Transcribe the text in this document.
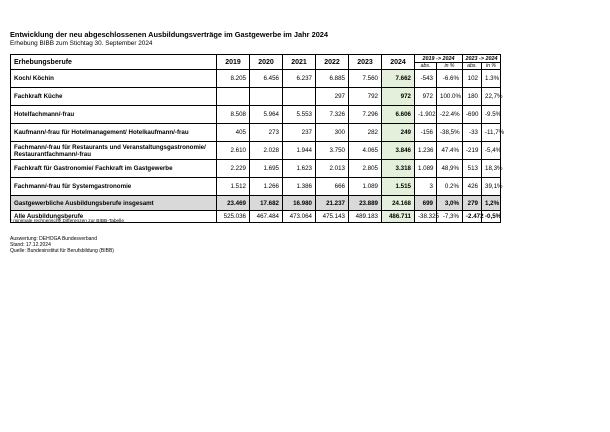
Entwicklung der neu abgeschlossenen Ausbildungsverträge im Gastgewerbe im Jahr 2024
Erhebung BIBB zum Stichtag 30. September 2024
Erhebungsberufe	2019	2020	2021	2022	2023	2024	2019 -> 2024		2023 -> 2024	
							abs.	in %	abs.	in %
Koch/ Köchin	8.205	6.456	6.237	6.885	7.560	7.662	-543	-6.6%	102	1.3%
Fachkraft Küche				297	792	972	972	100.0%	180	22,7%
Hotelfachmann/-frau	8.508	5.964	5.553	7.326	7.296	6.606	-1.902	-22.4%	-690	-9.5%
Kaufmann/-frau für Hotelmanagement/ Hotelkaufmann/-frau	405	273	237	300	282	249	-156	-38,5%	-33	-11,7%
Fachmann/-frau für Restaurants und Veranstaltungsgastronomie/ Restaurantfachmann/-frau	2.610	2.028	1.944	3.750	4.065	3.846	1.236	47.4%	-219	-5,4%
Fachkraft für Gastronomie/ Fachkraft im Gastgewerbe	2.229	1.695	1.623	2.013	2.805	3.318	1.089	48,9%	513	18,3%
Fachmann/-frau für Systemgastronomie	1.512	1.266	1.386	666	1.089	1.515	3	0.2%	426	39,1%
Gastgewerbliche Ausbildungsberufe insgesamt	23.469	17.682	16.980	21.237	23.889	24.168	699	3,0%	279	1,2%
Alle Ausbildungsberufe	525.036	467.484	473.064	475.143	489.183	486.711	-38.325	-7,3%	-2.472	-0,5%
* minimale rechnerische Differenzen zur BIBB-Tabelle
Auswertung: DEHOGA Bundesverband
Stand: 17.12.2024
Quelle: Bundesinstitut für Berufsbildung (BIBB)
